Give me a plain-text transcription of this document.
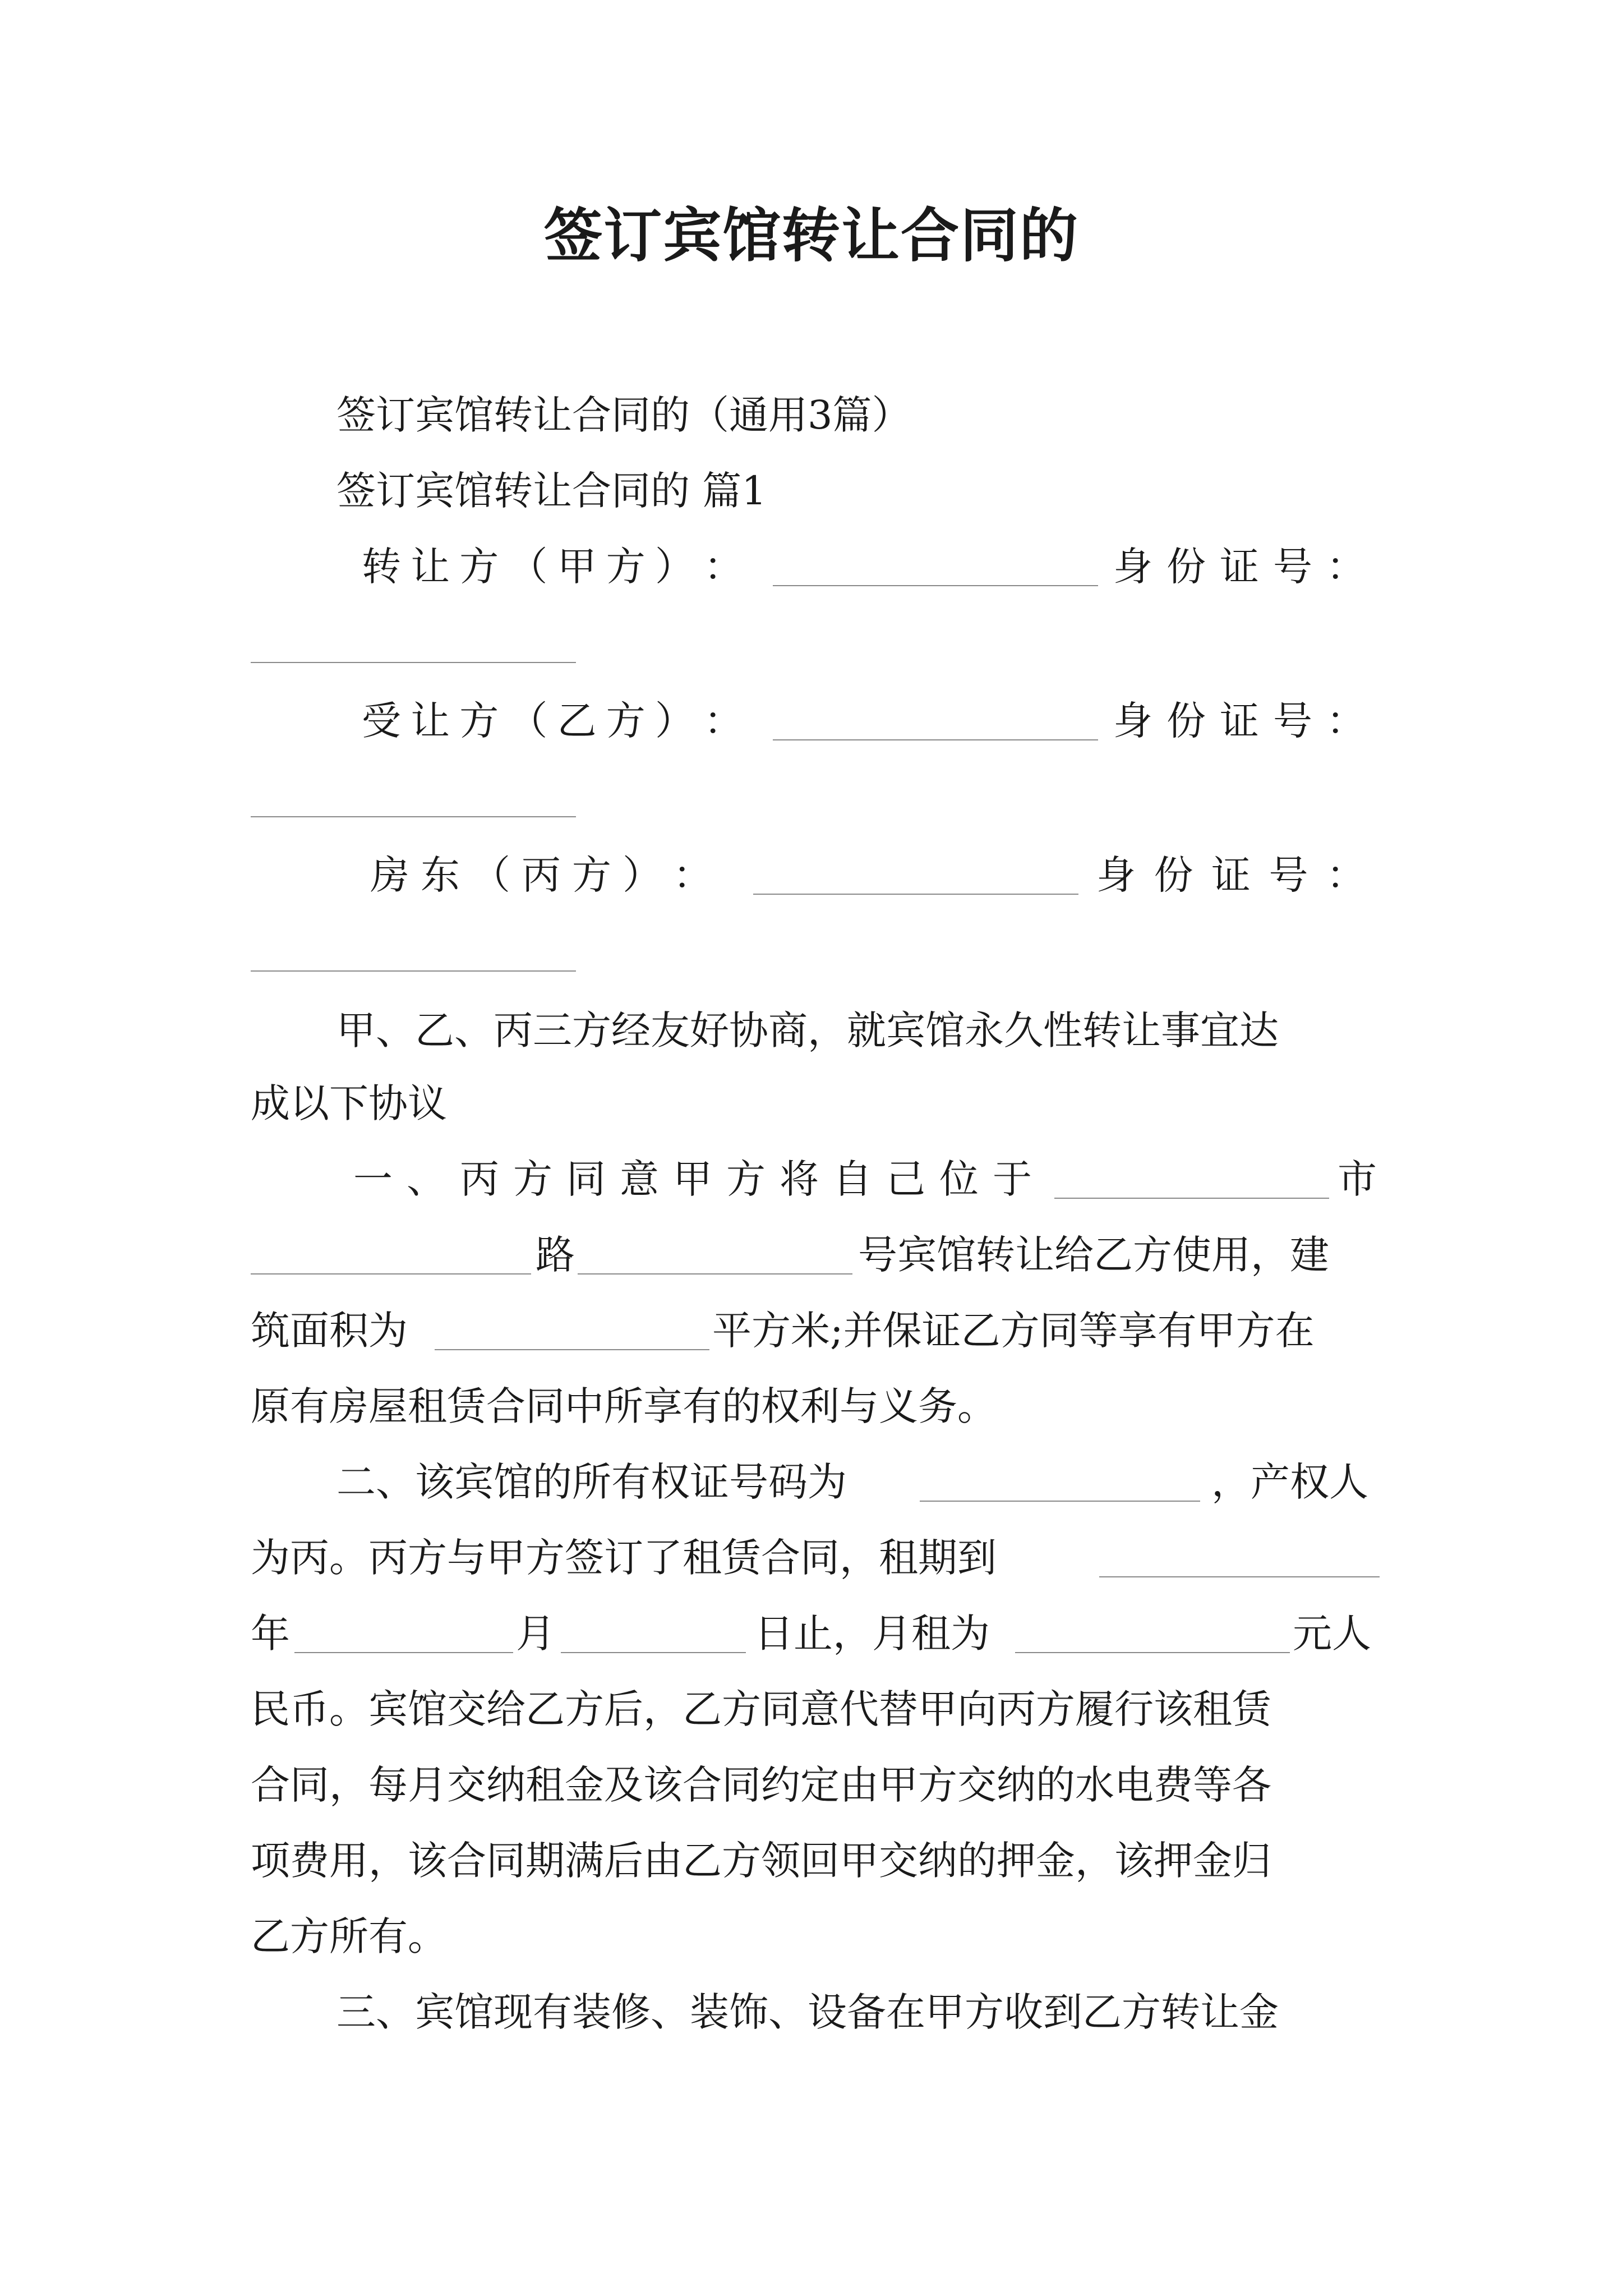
签订宾馆转让合同的

签订宾馆转让合同的（通用3篇）

签订宾馆转让合同的 篇1

转 让 方 （ 甲 方 ） ：	身 份 证 号 ：
受 让 方 （ 乙 方 ） ：	身 份 证 号 ：
房 东 （ 丙 方 ） ：	身 份 证 号 ：

甲、乙、丙三方经友好协商，就宾馆永久性转让事宜达

成以下协议

一 、 丙 方 同 意 甲 方 将 自 己 位 于	市

路	号宾馆转让给乙方使用，建

筑面积为	平方米;并保证乙方同等享有甲方在

原有房屋租赁合同中所享有的权利与义务。

二、该宾馆的所有权证号码为	，产权人

为丙。丙方与甲方签订了租赁合同，租期到

年	月	日止，月租为	元人

民币。宾馆交给乙方后，乙方同意代替甲向丙方履行该租赁

合同，每月交纳租金及该合同约定由甲方交纳的水电费等各

项费用，该合同期满后由乙方领回甲交纳的押金，该押金归

乙方所有。

三、宾馆现有装修、装饰、设备在甲方收到乙方转让金
